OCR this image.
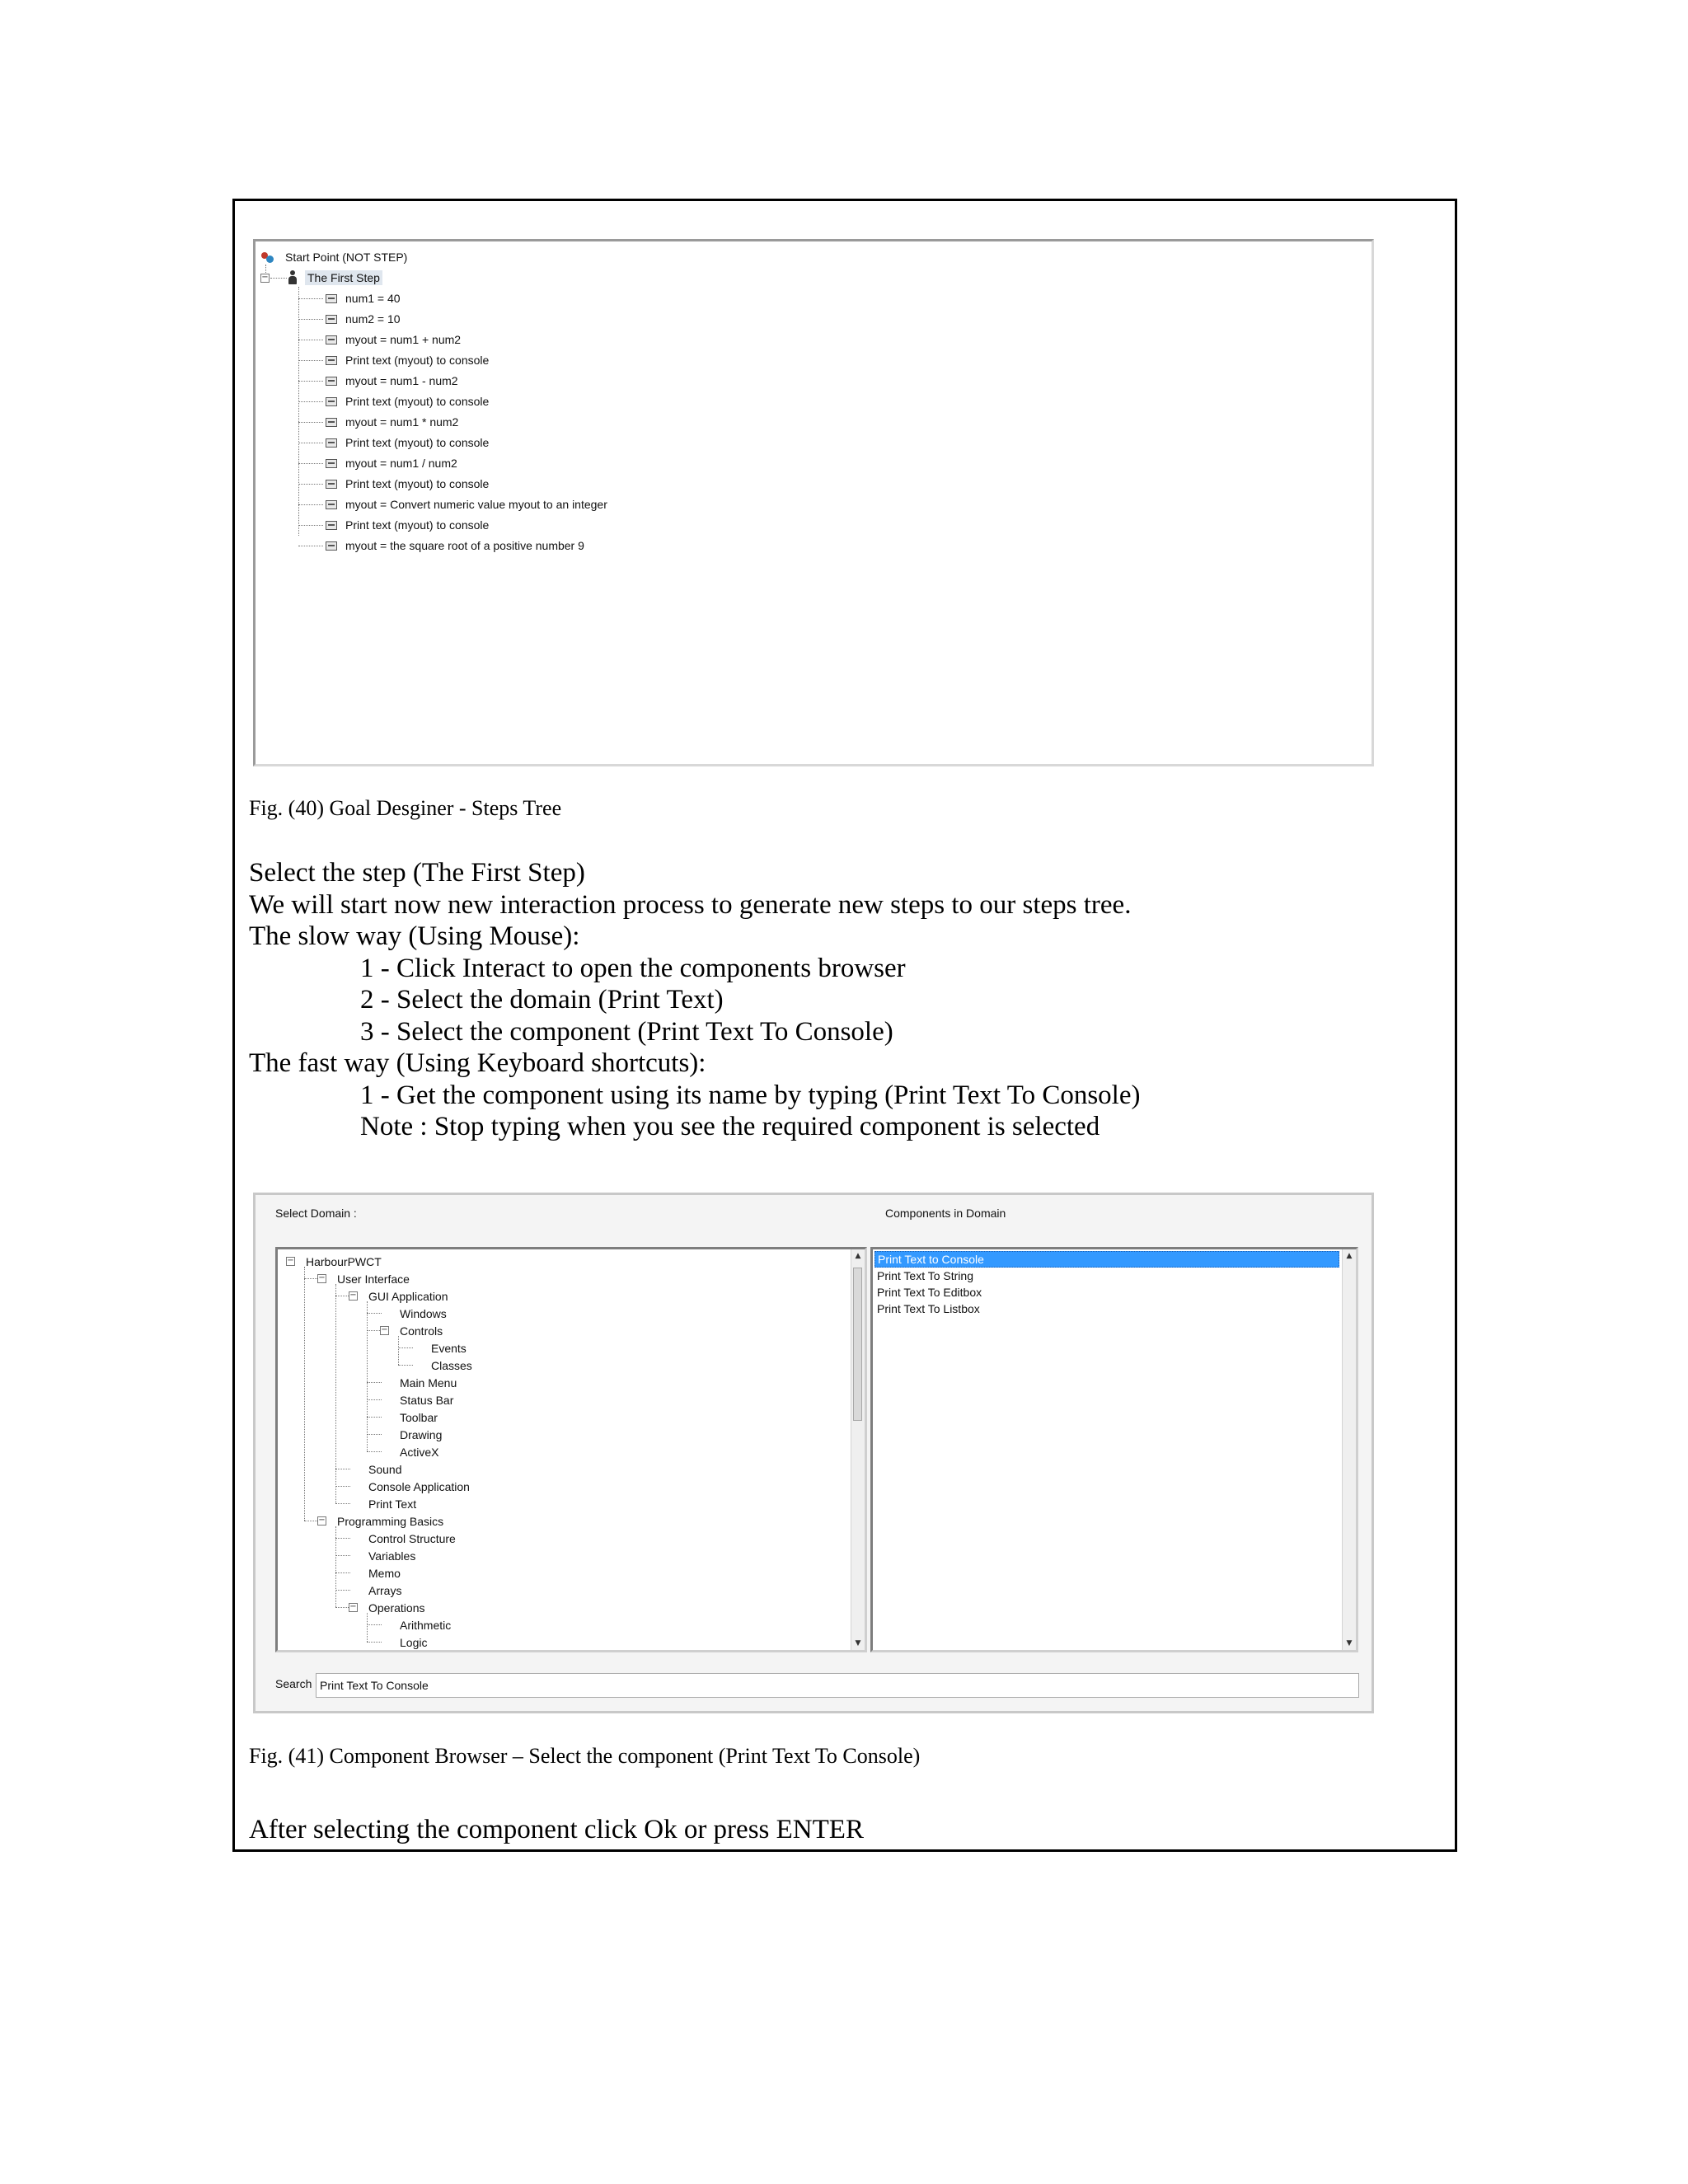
Start Point (NOT STEP)
−	The First Step
num1 = 40
num2 = 10
myout = num1 + num2
Print text (myout) to console
myout = num1 - num2
Print text (myout) to console
myout = num1 * num2
Print text (myout) to console
myout = num1 / num2
Print text (myout) to console
myout = Convert numeric value myout to an integer
Print text (myout) to console
myout = the square root of a positive number 9
Fig. (40) Goal Desginer - Steps Tree
Select the step (The First Step)
We will start now new interaction process to generate new steps to our steps tree.
The slow way (Using Mouse):
1 - Click Interact to open the components browser
2 - Select the domain (Print Text)
3 - Select the component (Print Text To Console)
The fast way (Using Keyboard shortcuts):
1 - Get the component using its name by typing (Print Text To Console)
Note : Stop typing when you see the required component is selected
Select Domain :	Components in Domain
− HarbourPWCT
− User Interface
− GUI Application
Windows
− Controls
Events
Classes
Main Menu
Status Bar
Toolbar
Drawing
ActiveX
Sound
Console Application
Print Text
− Programming Basics
Control Structure
Variables
Memo
Arrays
− Operations
Arithmetic
Logic
▲
▼
Print Text to Console
Print Text To String
Print Text To Editbox
Print Text To Listbox
▲
▼
Search Print Text To Console
Fig. (41) Component Browser – Select the component (Print Text To Console)
After selecting the component click Ok or press ENTER
